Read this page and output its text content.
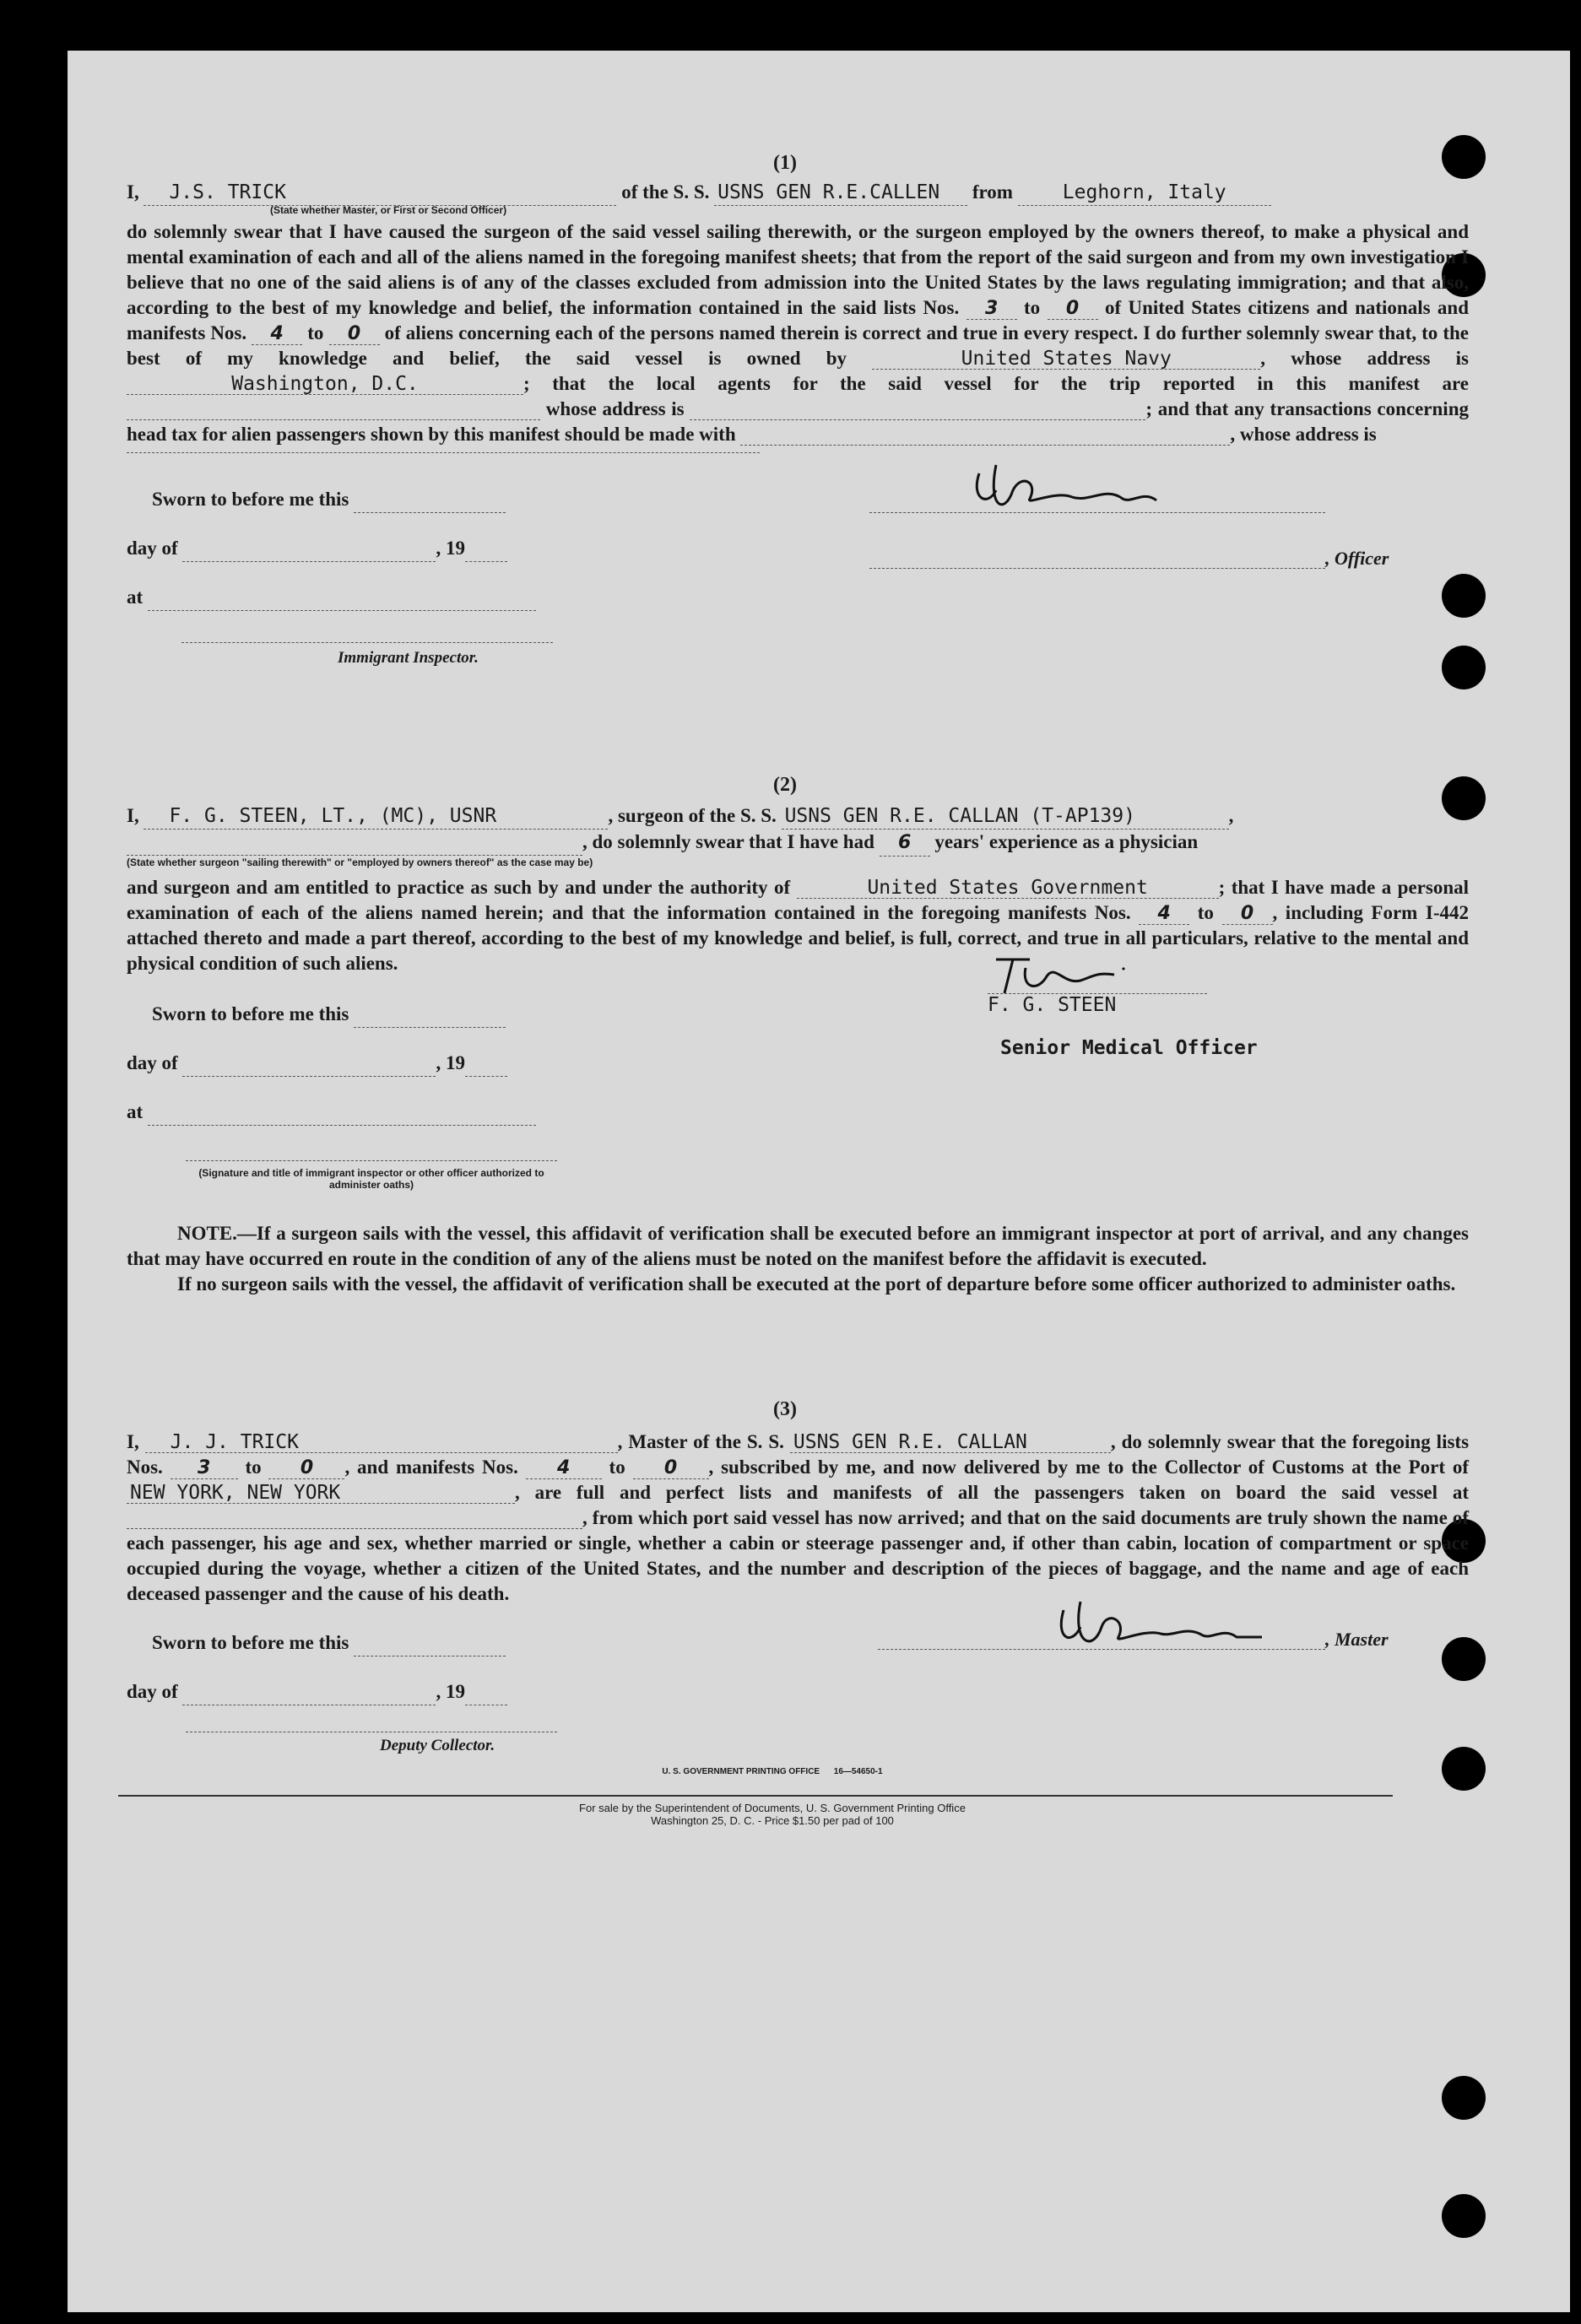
(1)
I, J.S. TRICK	of the S. S. USNS GEN R.E.CALLEN from	Leghorn, Italy
(State whether Master, or First or Second Officer)
do solemnly swear that I have caused the surgeon of the said vessel sailing therewith, or the surgeon employed by the owners thereof, to make a physical and mental examination of each and all of the aliens named in the foregoing manifest sheets; that from the report of the said surgeon and from my own investigation I believe that no one of the said aliens is of any of the classes excluded from admission into the United States by the laws regulating immigration; and that also, according to the best of my knowledge and belief, the information contained in the said lists Nos. 3 to 0 of United States citizens and nationals and manifests Nos. 4 to 0 of aliens concerning each of the persons named therein is correct and true in every respect. I do further solemnly swear that, to the best of my knowledge and belief, the said vessel is owned by	United States Navy	, whose address is Washington, D.C.	; that the local agents for the said vessel for the trip reported in this manifest are   whose address is	; and that any transactions concerning head tax for alien passengers shown by this manifest should be made with	, whose address is
Sworn to before me this
day of	, 19
at
Immigrant Inspector.
, Officer
(2)
I, F. G. STEEN, LT., (MC), USNR	, surgeon of the S. S. USNS GEN R.E. CALLAN (T-AP139)	,
, do solemnly swear that I have had 6 years' experience as a physician
(State whether surgeon "sailing therewith" or "employed by owners thereof" as the case may be)
and surgeon and am entitled to practice as such by and under the authority of	United States Government	; that I have made a personal examination of each of the aliens named herein; and that the information contained in the foregoing manifests Nos. 4 to 0 , including Form I-442 attached thereto and made a part thereof, according to the best of my knowledge and belief, is full, correct, and true in all particulars, relative to the mental and physical condition of such aliens.
Sworn to before me this
day of	, 19
at
(Signature and title of immigrant inspector or other officer authorized to administer oaths)
F. G. STEEN
Senior Medical Officer
NOTE.—If a surgeon sails with the vessel, this affidavit of verification shall be executed before an immigrant inspector at port of arrival, and any changes that may have occurred en route in the condition of any of the aliens must be noted on the manifest before the affidavit is executed.
If no surgeon sails with the vessel, the affidavit of verification shall be executed at the port of departure before some officer authorized to administer oaths.
(3)
I, J. J. TRICK	, Master of the S. S. USNS GEN R.E. CALLAN	, do solemnly swear that the foregoing lists Nos. 3 to 0 , and manifests Nos. 4 to 0 , subscribed by me, and now delivered by me to the Collector of Customs at the Port of NEW YORK, NEW YORK	, are full and perfect lists and manifests of all the passengers taken on board the said vessel at  , from which port said vessel has now arrived; and that on the said documents are truly shown the name of each passenger, his age and sex, whether married or single, whether a cabin or steerage passenger and, if other than cabin, location of compartment or space occupied during the voyage, whether a citizen of the United States, and the number and description of the pieces of baggage, and the name and age of each deceased passenger and the cause of his death.
Sworn to before me this
day of	, 19
Deputy Collector.
, Master
U. S. GOVERNMENT PRINTING OFFICE      16—54650-1
For sale by the Superintendent of Documents, U. S. Government Printing Office
Washington 25, D. C. - Price $1.50 per pad of 100
